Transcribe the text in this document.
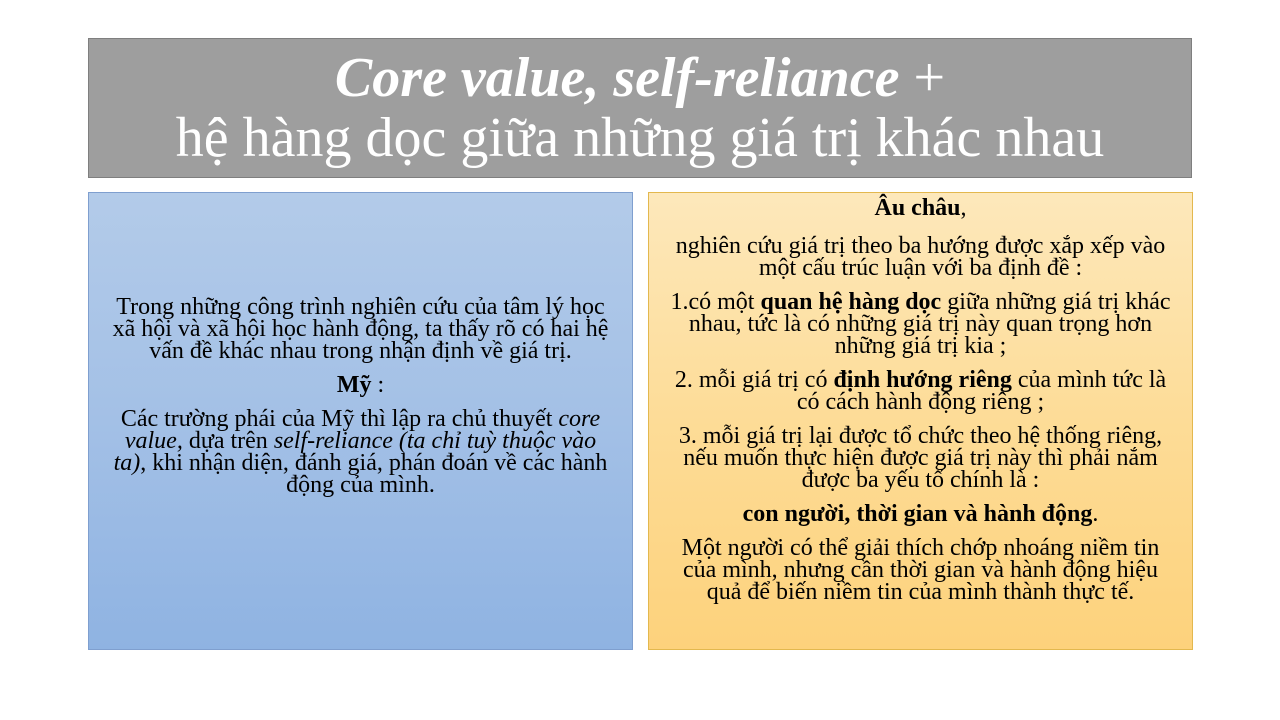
Core value, self-reliance +
hệ hàng dọc giữa những giá trị khác nhau

Trong những công trình nghiên cứu của tâm lý học xã hội và xã hội học hành động, ta thấy rõ có hai hệ vấn đề khác nhau trong nhận định về giá trị.

Mỹ :

Các trường phái của Mỹ thì lập ra chủ thuyết core value, dựa trên self-reliance (ta chỉ tuỳ thuộc vào ta), khi nhận diện, đánh giá, phán đoán về các hành động của mình.

Âu châu,

nghiên cứu giá trị theo ba hướng được xắp xếp vào một cấu trúc luận với ba định đề :

1.có một quan hệ hàng dọc giữa những giá trị khác nhau, tức là có những giá trị này quan trọng hơn những giá trị kia ;

2. mỗi giá trị có định hướng riêng của mình tức là có cách hành động riêng ;

3. mỗi giá trị lại được tổ chức theo hệ thống riêng, nếu muốn thực hiện được giá trị này thì phải nắm được ba yếu tố chính là :

con người, thời gian và hành động.

Một người có thể giải thích chớp nhoáng niềm tin của mình, nhưng cần thời gian và hành động hiệu quả để biến niềm tin của mình thành thực tế.
